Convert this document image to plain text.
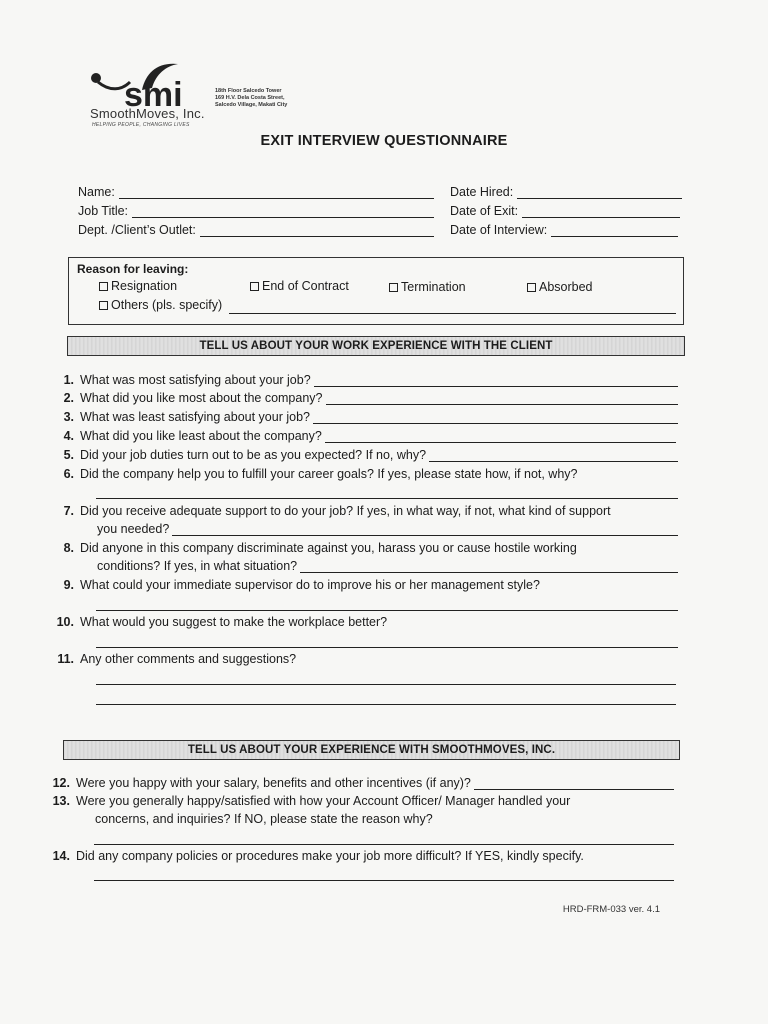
smi
SmoothMoves, Inc.
HELPING PEOPLE, CHANGING LIVES
18th Floor Salcedo Tower
169 H.V. Dela Costa Street,
Salcedo Village, Makati City
EXIT INTERVIEW QUESTIONNAIRE
Name:
Job Title:
Dept. /Client’s Outlet:
Date Hired:
Date of Exit:
Date of Interview:
Reason for leaving:
Resignation	End of Contract	Termination	Absorbed
Others (pls. specify)
TELL US ABOUT YOUR WORK EXPERIENCE WITH THE CLIENT
1. What was most satisfying about your job?
2. What did you like most about the company?
3. What was least satisfying about your job?
4. What did you like least about the company?
5. Did your job duties turn out to be as you expected? If no, why?
6. Did the company help you to fulfill your career goals? If yes, please state how, if not, why?
7. Did you receive adequate support to do your job? If yes, in what way, if not, what kind of support
you needed?
8. Did anyone in this company discriminate against you, harass you or cause hostile working
conditions? If yes, in what situation?
9. What could your immediate supervisor do to improve his or her management style?
10. What would you suggest to make the workplace better?
11. Any other comments and suggestions?
TELL US ABOUT YOUR EXPERIENCE WITH SMOOTHMOVES, INC.
12. Were you happy with your salary, benefits and other incentives (if any)?
13. Were you generally happy/satisfied with how your Account Officer/ Manager handled your
concerns, and inquiries? If NO, please state the reason why?
14. Did any company policies or procedures make your job more difficult? If YES, kindly specify.
HRD-FRM-033 ver. 4.1
